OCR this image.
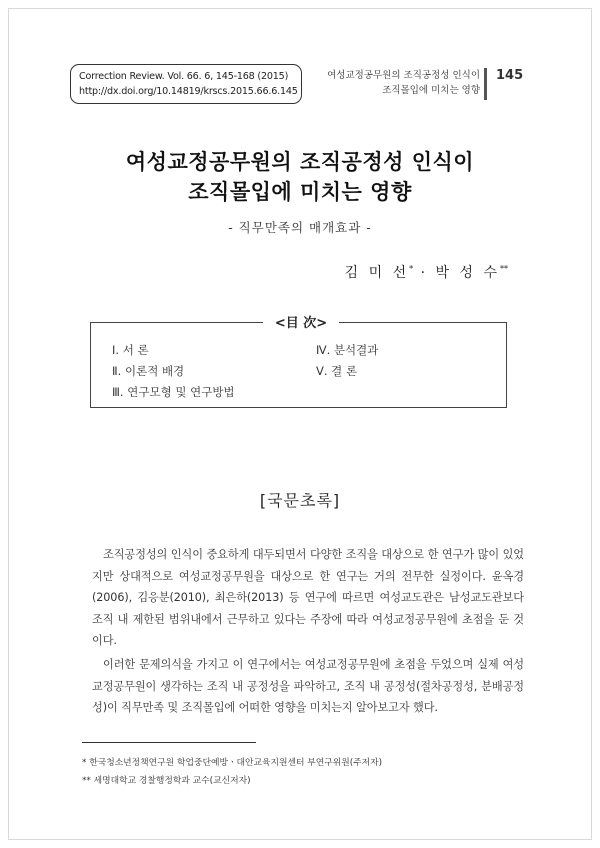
Correction Review. Vol. 66. 6, 145-168 (2015)
http://dx.doi.org/10.14819/krscs.2015.66.6.145
여성교정공무원의 조직공정성 인식이
조직몰입에 미치는 영향
145
여성교정공무원의 조직공정성 인식이
조직몰입에 미치는 영향
- 직무만족의 매개효과 -
김 미 선* · 박 성 수**
<目 次>
Ⅰ. 서 론
Ⅱ. 이론적 배경
Ⅲ. 연구모형 및 연구방법
Ⅳ. 분석결과
Ⅴ. 결 론
[국문초록]

조직공정성의 인식이 중요하게 대두되면서 다양한 조직을 대상으로 한 연구가 많이 있었지만 상대적으로 여성교정공무원을 대상으로 한 연구는 거의 전무한 실정이다. 윤옥경(2006), 김응분(2010), 최은하(2013) 등 연구에 따르면 여성교도관은 남성교도관보다 조직 내 제한된 범위내에서 근무하고 있다는 주장에 따라 여성교정공무원에 초점을 둔 것이다.

이러한 문제의식을 가지고 이 연구에서는 여성교정공무원에 초점을 두었으며 실제 여성교정공무원이 생각하는 조직 내 공정성을 파악하고, 조직 내 공정성(절차공정성, 분배공정성)이 직무만족 및 조직몰입에 어떠한 영향을 미치는지 알아보고자 했다.

* 한국청소년정책연구원 학업중단예방ㆍ대안교육지원센터 부연구위원(주저자)
** 세명대학교 경찰행정학과 교수(교신저자)
